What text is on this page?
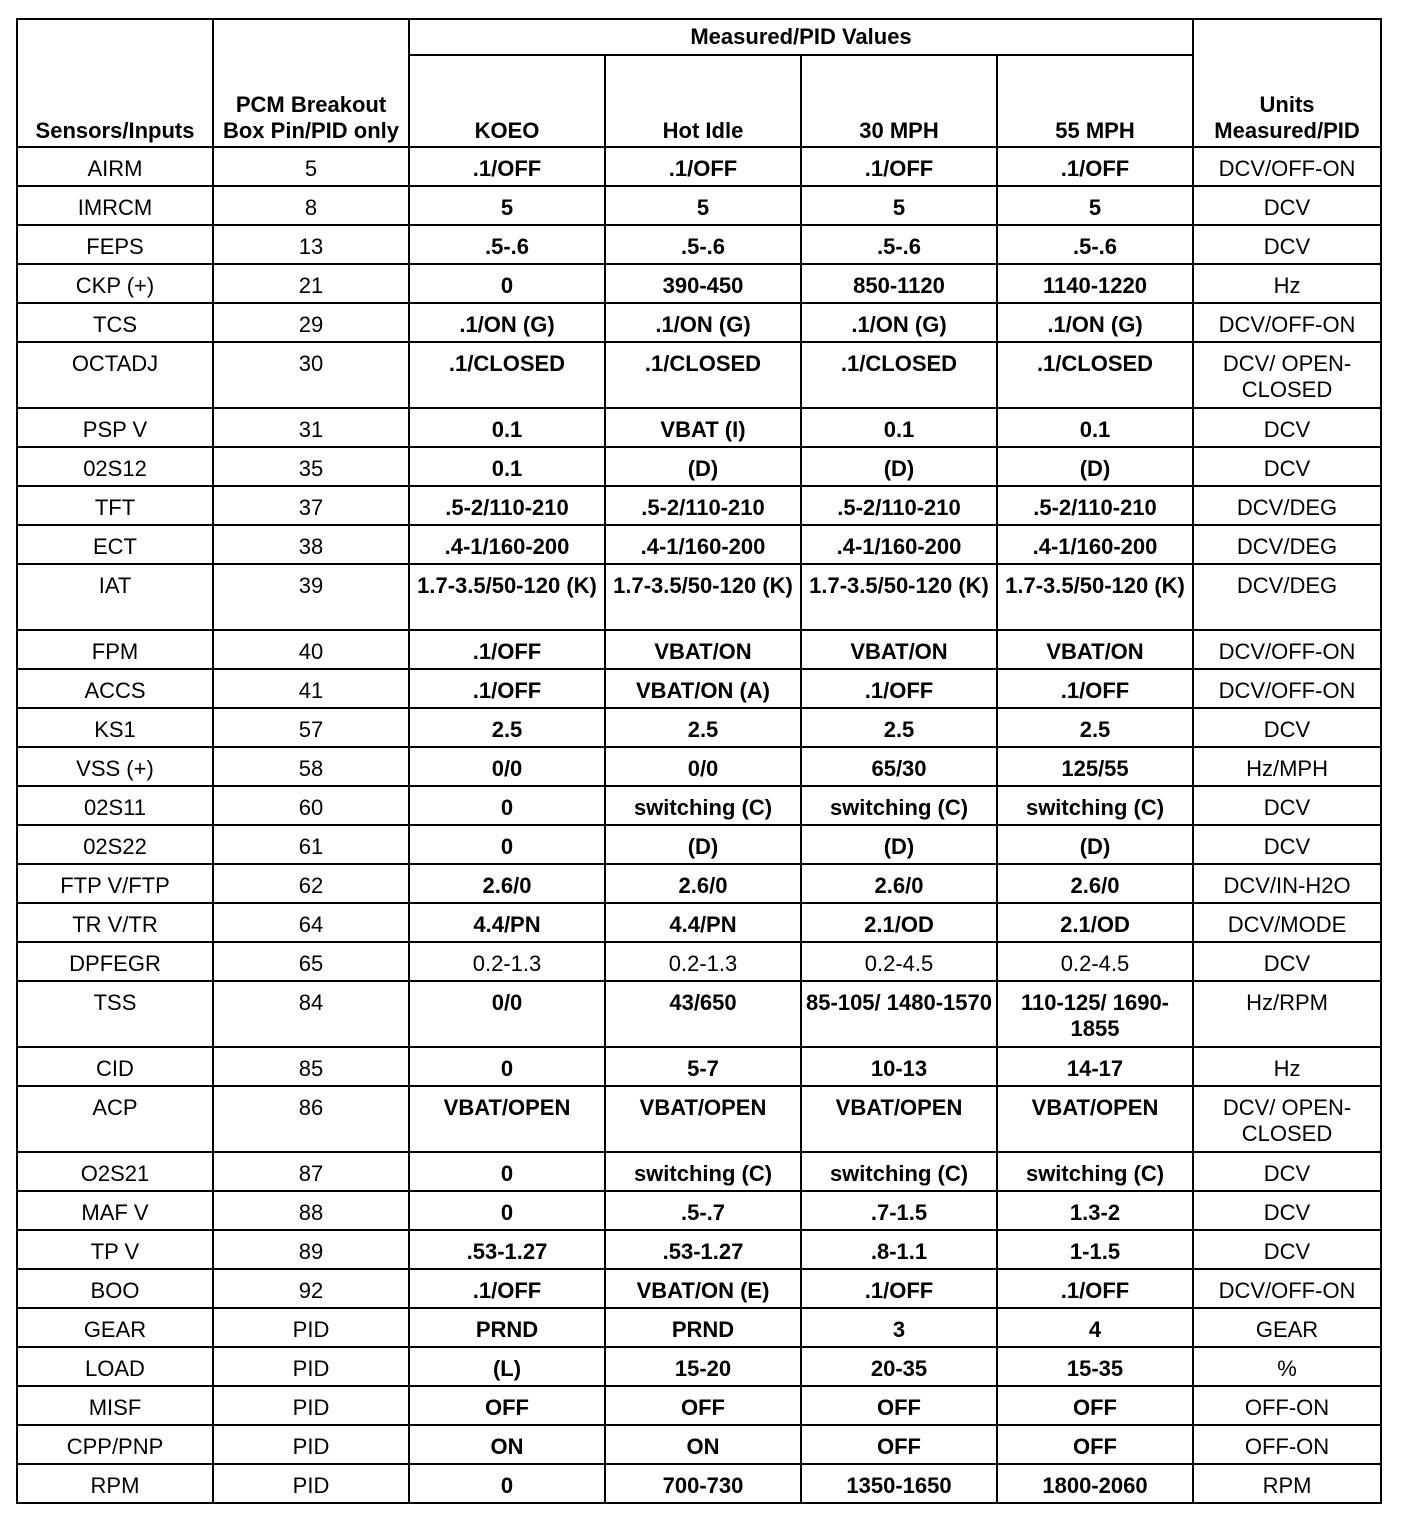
Sensors/Inputs	PCM Breakout Box Pin/PID only	Measured/PID Values				Units Measured/PID
		KOEO	Hot Idle	30 MPH	55 MPH	
AIRM	5	.1/OFF	.1/OFF	.1/OFF	.1/OFF	DCV/OFF-ON
IMRCM	8	5	5	5	5	DCV
FEPS	13	.5-.6	.5-.6	.5-.6	.5-.6	DCV
CKP (+)	21	0	390-450	850-1120	1140-1220	Hz
TCS	29	.1/ON (G)	.1/ON (G)	.1/ON (G)	.1/ON (G)	DCV/OFF-ON
OCTADJ	30	.1/CLOSED	.1/CLOSED	.1/CLOSED	.1/CLOSED	DCV/ OPEN-CLOSED
PSP V	31	0.1	VBAT (I)	0.1	0.1	DCV
02S12	35	0.1	(D)	(D)	(D)	DCV
TFT	37	.5-2/110-210	.5-2/110-210	.5-2/110-210	.5-2/110-210	DCV/DEG
ECT	38	.4-1/160-200	.4-1/160-200	.4-1/160-200	.4-1/160-200	DCV/DEG
IAT	39	1.7-3.5/50-120 (K)	1.7-3.5/50-120 (K)	1.7-3.5/50-120 (K)	1.7-3.5/50-120 (K)	DCV/DEG
FPM	40	.1/OFF	VBAT/ON	VBAT/ON	VBAT/ON	DCV/OFF-ON
ACCS	41	.1/OFF	VBAT/ON (A)	.1/OFF	.1/OFF	DCV/OFF-ON
KS1	57	2.5	2.5	2.5	2.5	DCV
VSS (+)	58	0/0	0/0	65/30	125/55	Hz/MPH
02S11	60	0	switching (C)	switching (C)	switching (C)	DCV
02S22	61	0	(D)	(D)	(D)	DCV
FTP V/FTP	62	2.6/0	2.6/0	2.6/0	2.6/0	DCV/IN-H2O
TR V/TR	64	4.4/PN	4.4/PN	2.1/OD	2.1/OD	DCV/MODE
DPFEGR	65	0.2-1.3	0.2-1.3	0.2-4.5	0.2-4.5	DCV
TSS	84	0/0	43/650	85-105/ 1480-1570	110-125/ 1690-1855	Hz/RPM
CID	85	0	5-7	10-13	14-17	Hz
ACP	86	VBAT/OPEN	VBAT/OPEN	VBAT/OPEN	VBAT/OPEN	DCV/ OPEN-CLOSED
O2S21	87	0	switching (C)	switching (C)	switching (C)	DCV
MAF V	88	0	.5-.7	.7-1.5	1.3-2	DCV
TP V	89	.53-1.27	.53-1.27	.8-1.1	1-1.5	DCV
BOO	92	.1/OFF	VBAT/ON (E)	.1/OFF	.1/OFF	DCV/OFF-ON
GEAR	PID	PRND	PRND	3	4	GEAR
LOAD	PID	(L)	15-20	20-35	15-35	%
MISF	PID	OFF	OFF	OFF	OFF	OFF-ON
CPP/PNP	PID	ON	ON	OFF	OFF	OFF-ON
RPM	PID	0	700-730	1350-1650	1800-2060	RPM
